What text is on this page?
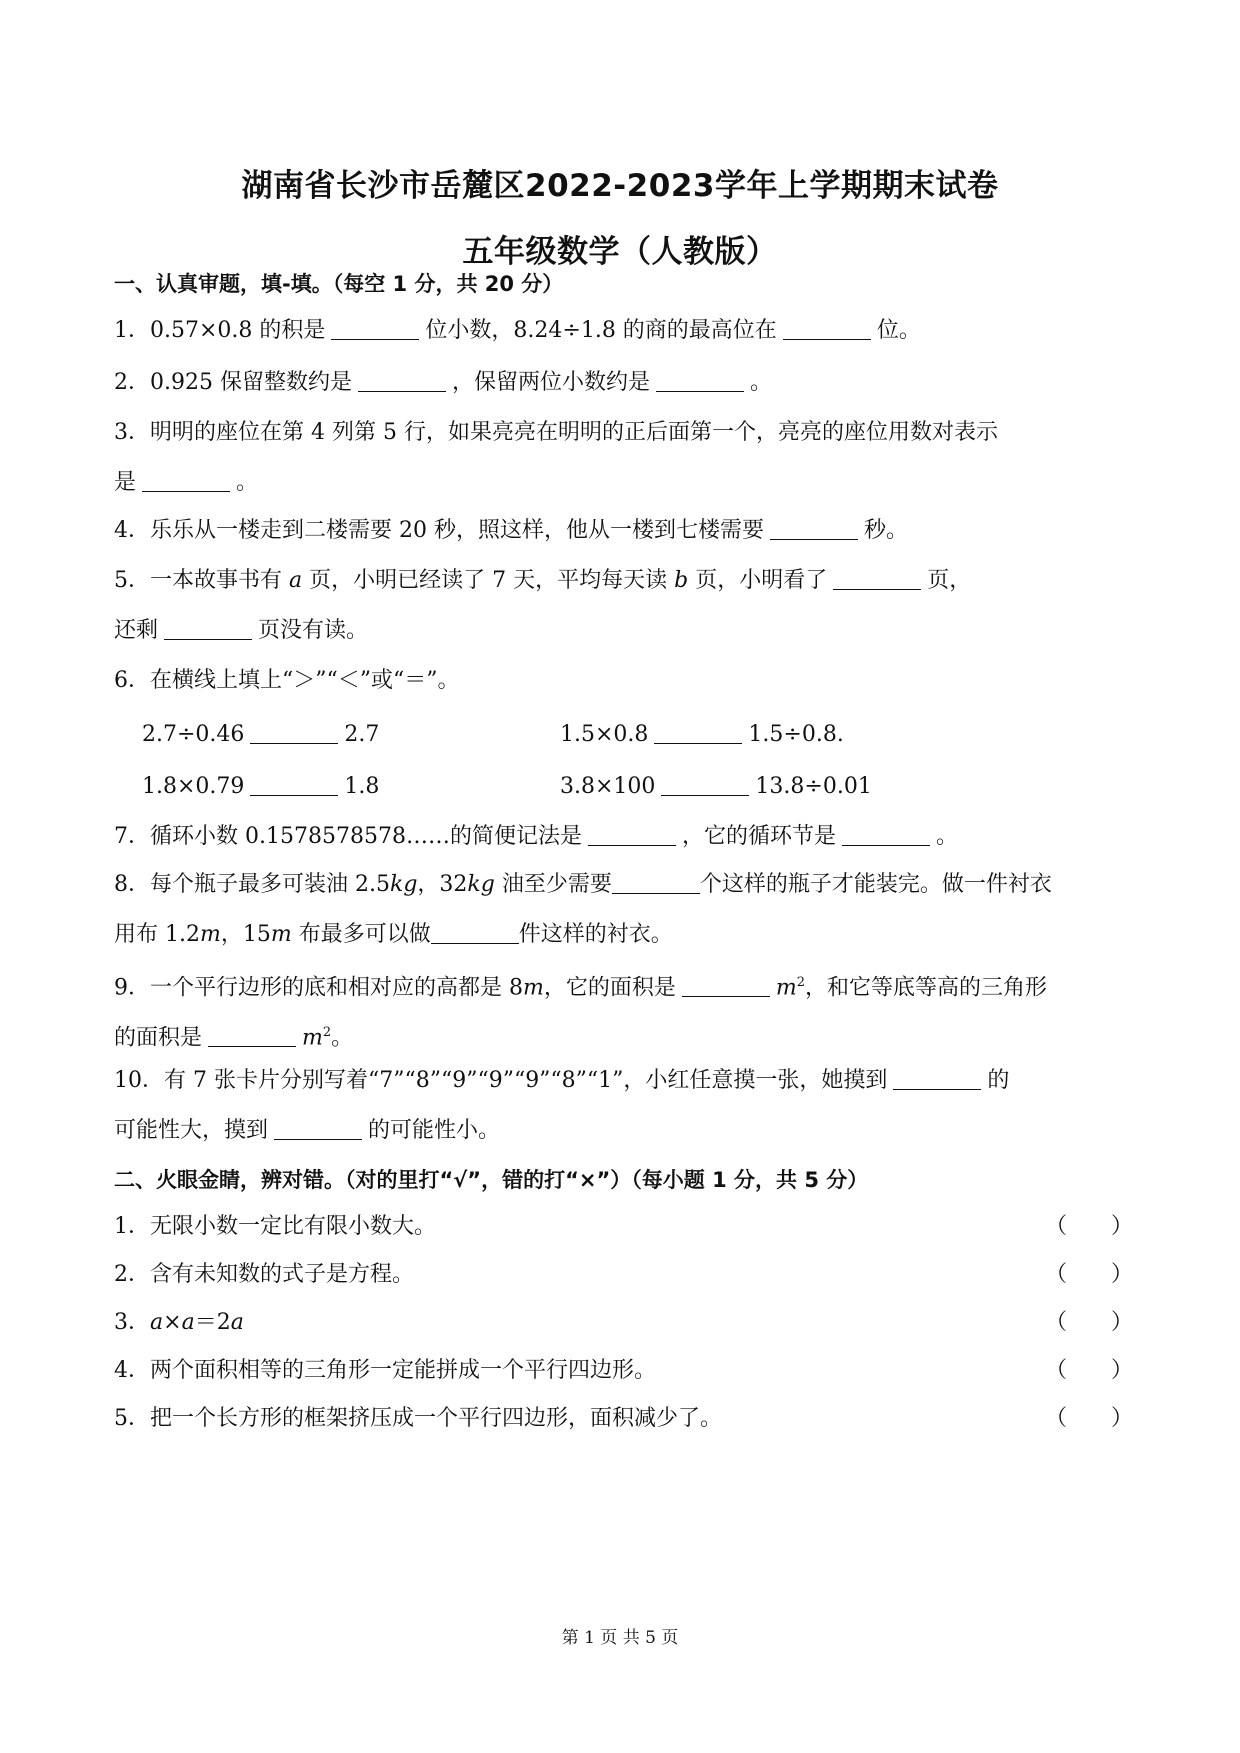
湖南省长沙市岳麓区2022-2023学年上学期期末试卷
五年级数学（人教版）
一、认真审题，填-填。（每空 1 分，共 20 分）
1．0.57×0.8 的积是	位小数，8.24÷1.8 的商的最高位在	位。
2．0.925 保留整数约是	，保留两位小数约是	。
3．明明的座位在第 4 列第 5 行，如果亮亮在明明的正后面第一个，亮亮的座位用数对表示
是	。
4．乐乐从一楼走到二楼需要 20 秒，照这样，他从一楼到七楼需要	秒。
5．一本故事书有 a 页，小明已经读了 7 天，平均每天读 b 页，小明看了	页，
还剩	页没有读。
6．在横线上填上“＞”“＜”或“＝”。
2.7÷0.46	2.7	1.5×0.8	1.5÷0.8.
1.8×0.79	1.8	3.8×100	13.8÷0.01
7．循环小数 0.1578578578……的简便记法是	，它的循环节是	。
8．每个瓶子最多可装油 2.5kg，32kg 油至少需要	个这样的瓶子才能装完。做一件衬衣
用布 1.2m，15m 布最多可以做	件这样的衬衣。
9．一个平行边形的底和相对应的高都是 8m，它的面积是	$m^2$，和它等底等高的三角形
的面积是	$m^2$。
10．有 7 张卡片分别写着“7”“8”“9”“9”“9”“8”“1”，小红任意摸一张，她摸到	的
可能性大，摸到	的可能性小。
二、火眼金睛，辨对错。（对的里打“√”，错的打“×”）（每小题 1 分，共 5 分）
1．无限小数一定比有限小数大。	（ ）
2．含有未知数的式子是方程。	（ ）
3．a×a＝2a	（ ）
4．两个面积相等的三角形一定能拼成一个平行四边形。	（ ）
5．把一个长方形的框架挤压成一个平行四边形，面积减少了。	（ ）
第 1 页 共 5 页
